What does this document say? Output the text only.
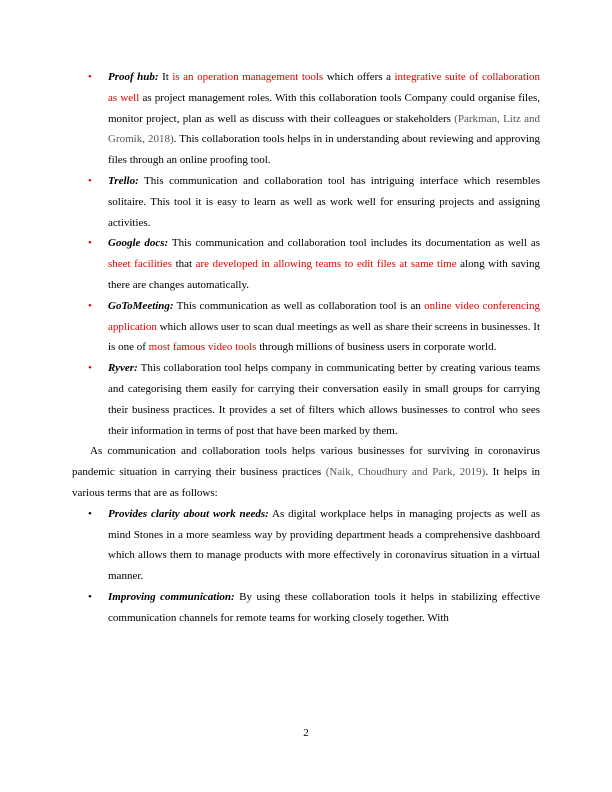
• Proof hub: It is an operation management tools which offers a integrative suite of collaboration as well as project management roles. With this collaboration tools Company could organise files, monitor project, plan as well as discuss with their colleagues or stakeholders (Parkman, Litz and Gromik, 2018). This collaboration tools helps in in understanding about reviewing and approving files through an online proofing tool.
• Trello: This communication and collaboration tool has intriguing interface which resembles solitaire. This tool it is easy to learn as well as work well for ensuring projects and assigning activities.
• Google docs: This communication and collaboration tool includes its documentation as well as sheet facilities that are developed in allowing teams to edit files at same time along with saving there are changes automatically.
• GoToMeeting: This communication as well as collaboration tool is an online video conferencing application which allows user to scan dual meetings as well as share their screens in businesses. It is one of most famous video tools through millions of business users in corporate world.
• Ryver: This collaboration tool helps company in communicating better by creating various teams and categorising them easily for carrying their conversation easily in small groups for carrying their business practices. It provides a set of filters which allows businesses to control who sees their information in terms of post that have been marked by them.
As communication and collaboration tools helps various businesses for surviving in coronavirus pandemic situation in carrying their business practices (Naik, Choudhury and Park, 2019). It helps in various terms that are as follows:
• Provides clarity about work needs: As digital workplace helps in managing projects as well as mind Stones in a more seamless way by providing department heads a comprehensive dashboard which allows them to manage products with more effectively in coronavirus situation in a virtual manner.
• Improving communication: By using these collaboration tools it helps in stabilizing effective communication channels for remote teams for working closely together. With
2
